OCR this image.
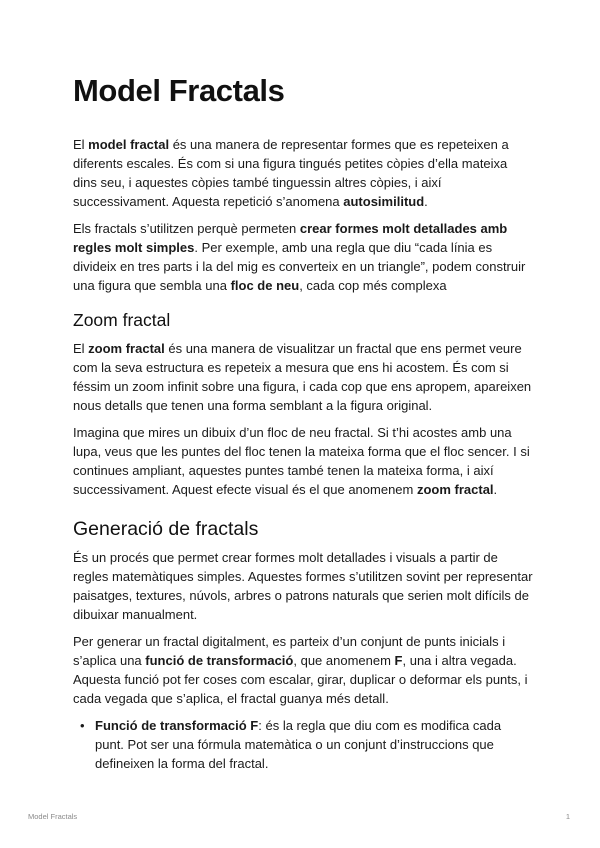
Model Fractals

El model fractal és una manera de representar formes que es repeteixen a diferents escales. És com si una figura tingués petites còpies d’ella mateixa dins seu, i aquestes còpies també tinguessin altres còpies, i així successivament. Aquesta repetició s’anomena autosimilitud.

Els fractals s’utilitzen perquè permeten crear formes molt detallades amb regles molt simples. Per exemple, amb una regla que diu “cada línia es divideix en tres parts i la del mig es converteix en un triangle”, podem construir una figura que sembla una floc de neu, cada cop més complexa

Zoom fractal

El zoom fractal és una manera de visualitzar un fractal que ens permet veure com la seva estructura es repeteix a mesura que ens hi acostem. És com si féssim un zoom infinit sobre una figura, i cada cop que ens apropem, apareixen nous detalls que tenen una forma semblant a la figura original.

Imagina que mires un dibuix d’un floc de neu fractal. Si t’hi acostes amb una lupa, veus que les puntes del floc tenen la mateixa forma que el floc sencer. I si continues ampliant, aquestes puntes també tenen la mateixa forma, i així successivament. Aquest efecte visual és el que anomenem zoom fractal.

Generació de fractals

És un procés que permet crear formes molt detallades i visuals a partir de regles matemàtiques simples. Aquestes formes s’utilitzen sovint per representar paisatges, textures, núvols, arbres o patrons naturals que serien molt difícils de dibuixar manualment.

Per generar un fractal digitalment, es parteix d’un conjunt de punts inicials i s’aplica una funció de transformació, que anomenem F, una i altra vegada. Aquesta funció pot fer coses com escalar, girar, duplicar o deformar els punts, i cada vegada que s’aplica, el fractal guanya més detall.

• Funció de transformació F: és la regla que diu com es modifica cada punt. Pot ser una fórmula matemàtica o un conjunt d’instruccions que defineixen la forma del fractal.
Model Fractals	1
